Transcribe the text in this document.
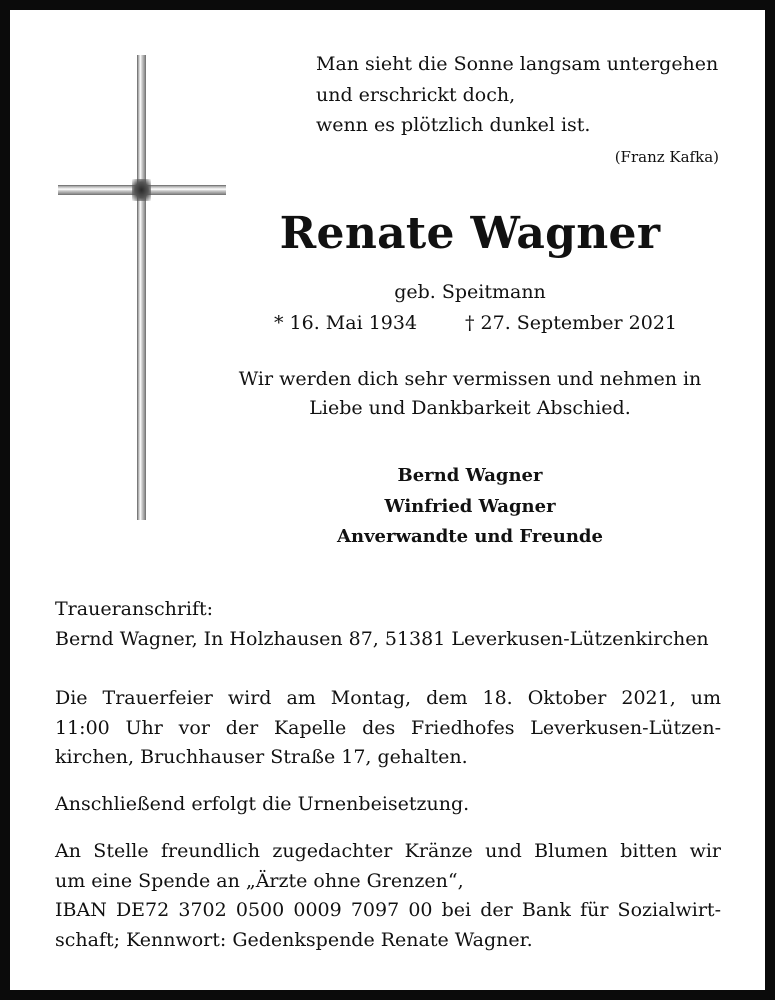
Man sieht die Sonne langsam untergehen
und erschrickt doch,
wenn es plötzlich dunkel ist.
(Franz Kafka)
Renate Wagner
geb. Speitmann
* 16. Mai 1934	† 27. September 2021
Wir werden dich sehr vermissen und nehmen in
Liebe und Dankbarkeit Abschied.
Bernd Wagner
Winfried Wagner
Anverwandte und Freunde
Traueranschrift:
Bernd Wagner, In Holzhausen 87, 51381 Leverkusen-Lützenkirchen
Die Trauerfeier wird am Montag, dem 18. Oktober 2021, um
11:00 Uhr vor der Kapelle des Friedhofes Leverkusen-Lützen-
kirchen, Bruchhauser Straße 17, gehalten.
Anschließend erfolgt die Urnenbeisetzung.
An Stelle freundlich zugedachter Kränze und Blumen bitten wir
um eine Spende an „Ärzte ohne Grenzen“,
IBAN DE72 3702 0500 0009 7097 00 bei der Bank für Sozialwirt-
schaft; Kennwort: Gedenkspende Renate Wagner.
